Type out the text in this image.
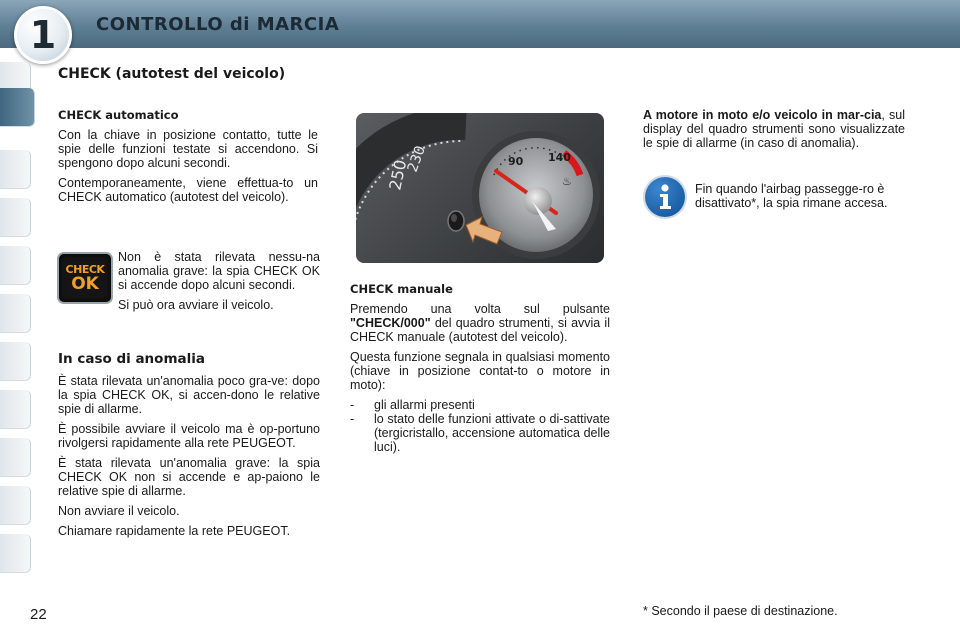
CONTROLLO di MARCIA
1
CHECK (autotest del veicolo)
CHECK automatico

Con la chiave in posizione contatto, tutte le spie delle funzioni testate si accendono. Si spengono dopo alcuni secondi.

Contemporaneamente, viene effettua-to un CHECK automatico (autotest del veicolo).

CHECK
OK

Non è stata rilevata nessu-na anomalia grave: la spia CHECK OK si accende dopo alcuni secondi.

Si può ora avviare il veicolo.

In caso di anomalia

È stata rilevata un'anomalia poco gra-ve: dopo la spia CHECK OK, si accen-dono le relative spie di allarme.

È possibile avviare il veicolo ma è op-portuno rivolgersi rapidamente alla rete PEUGEOT.

È stata rilevata un'anomalia grave: la spia CHECK OK non si accende e ap-paiono le relative spie di allarme.

Non avviare il veicolo.

Chiamare rapidamente la rete PEUGEOT.

230
250	90 140
♨
CHECK manuale

Premendo una volta sul pulsante "CHECK/000" del quadro strumenti, si avvia il CHECK manuale (autotest del veicolo).

Questa funzione segnala in qualsiasi momento (chiave in posizione contat-to o motore in moto):

-	gli allarmi presenti
-	lo stato delle funzioni attivate o di-sattivate (tergicristallo, accensione automatica delle luci).

A motore in moto e/o veicolo in mar-cia, sul display del quadro strumenti sono visualizzate le spie di allarme (in caso di anomalia).

Fin quando l'airbag passegge-ro è disattivato*, la spia rimane accesa.

22	* Secondo il paese di destinazione.
